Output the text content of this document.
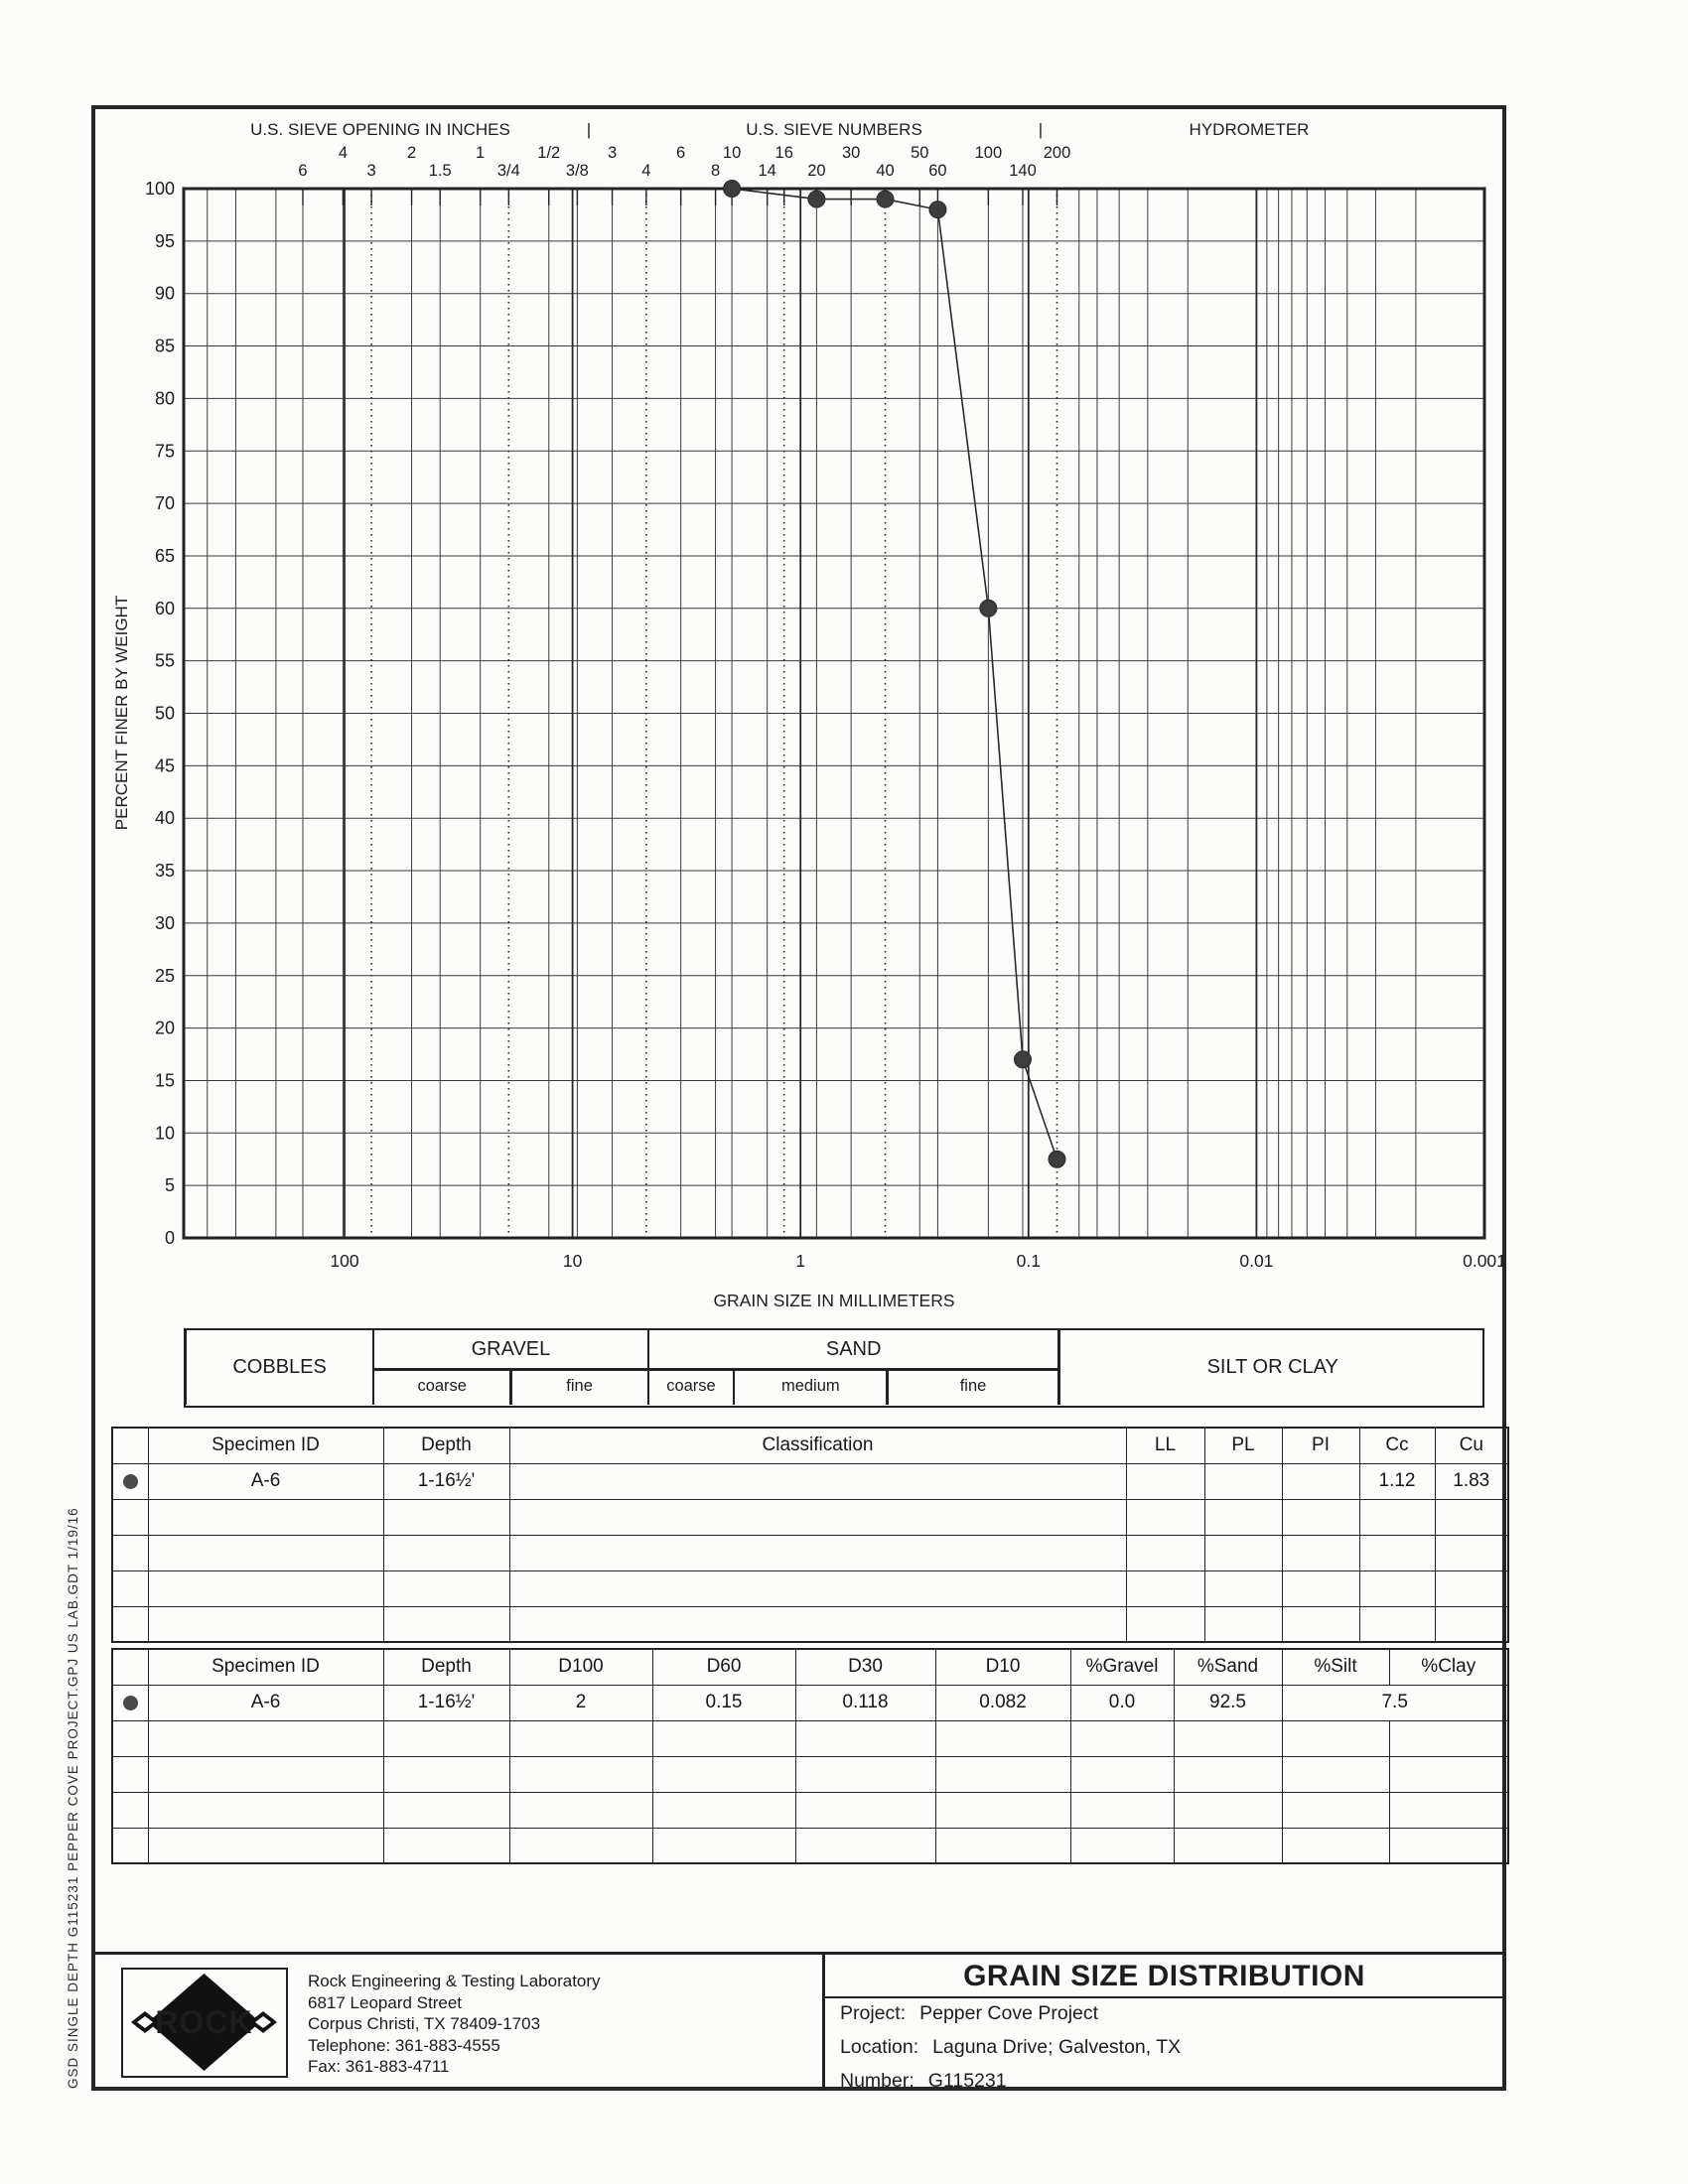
GSD SINGLE DEPTH G115231 PEPPER COVE PROJECT.GPJ US LAB.GDT 1/19/16
6
4
3
2
1.5
1
3/4
1/2
3/8
3
4
6
8
10
14
16
20
30
40
50
60
100
140
200
U.S. SIEVE OPENING IN INCHES	|	U.S. SIEVE NUMBERS	|	HYDROMETER
100
95
90
85
80
75
70
65
60
55
50
45
40
35
30
25
20
15
10
5
0
PERCENT FINER BY WEIGHT
100	10	1	0.1	0.01	0.001
GRAIN SIZE IN MILLIMETERS
COBBLES
GRAVEL
coarse	fine
SAND
coarse	medium	fine
SILT OR CLAY
	Specimen ID	Depth	Classification	LL	PL	PI	Cc	Cu

	A-6	1-16½'					1.12	1.83

	Specimen ID	Depth	D100	D60	D30	D10	%Gravel	%Sand	%Silt	%Clay

	A-6	1-16½'	2	0.15	0.118	0.082	0.0	92.5	7.5	

ROCK
Rock Engineering & Testing Laboratory
6817 Leopard Street
Corpus Christi, TX 78409-1703
Telephone: 361-883-4555
Fax: 361-883-4711
GRAIN SIZE DISTRIBUTION
Project: Pepper Cove Project
Location: Laguna Drive; Galveston, TX
Number: G115231
